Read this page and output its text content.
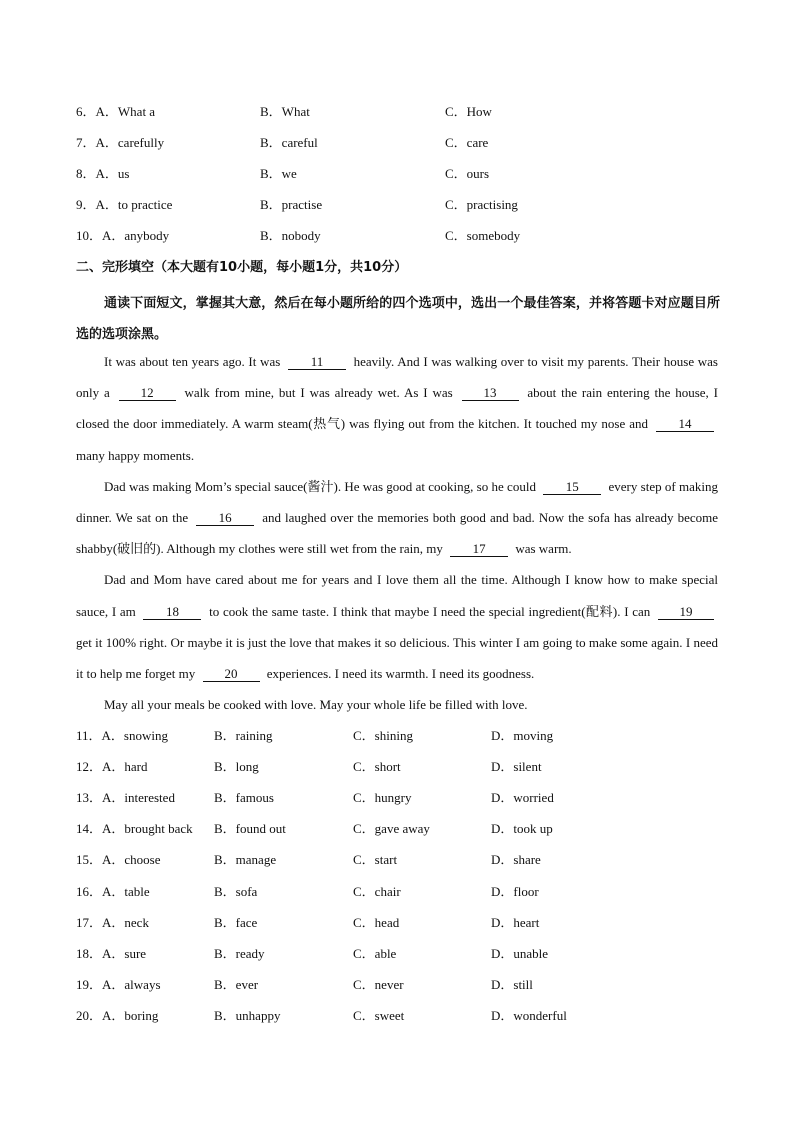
6．A．What a	B．What	C．How
7．A．carefully	B．careful	C．care
8．A．us	B．we	C．ours
9．A．to practice	B．practise	C．practising
10．A．anybody	B．nobody	C．somebody
二、完形填空（本大题有10小题，每小题1分，共10分）

通读下面短文，掌握其大意，然后在每小题所给的四个选项中，选出一个最佳答案，并将答题卡对应题目所选的选项涂黑。

It was about ten years ago. It was 11 heavily. And I was walking over to visit my parents. Their house was only a 12 walk from mine, but I was already wet. As I was 13 about the rain entering the house, I closed the door immediately. A warm steam(热气) was flying out from the kitchen. It touched my nose and 14 many happy moments.

Dad was making Mom’s special sauce(酱汁). He was good at cooking, so he could 15 every step of making dinner. We sat on the 16 and laughed over the memories both good and bad. Now the sofa has already become shabby(破旧的). Although my clothes were still wet from the rain, my 17 was warm.

Dad and Mom have cared about me for years and I love them all the time. Although I know how to make special sauce, I am 18 to cook the same taste. I think that maybe I need the special ingredient(配料). I can 19 get it 100% right. Or maybe it is just the love that makes it so delicious. This winter I am going to make some again. I need it to help me forget my 20 experiences. I need its warmth. I need its goodness.

May all your meals be cooked with love. May your whole life be filled with love.

11．A．snowing	B．raining	C．shining	D．moving
12．A．hard	B．long	C．short	D．silent
13．A．interested	B．famous	C．hungry	D．worried
14．A．brought back B．found out	C．gave away	D．took up
15．A．choose	B．manage	C．start	D．share
16．A．table	B．sofa	C．chair	D．floor
17．A．neck	B．face	C．head	D．heart
18．A．sure	B．ready	C．able	D．unable
19．A．always	B．ever	C．never	D．still
20．A．boring	B．unhappy	C．sweet	D．wonderful
